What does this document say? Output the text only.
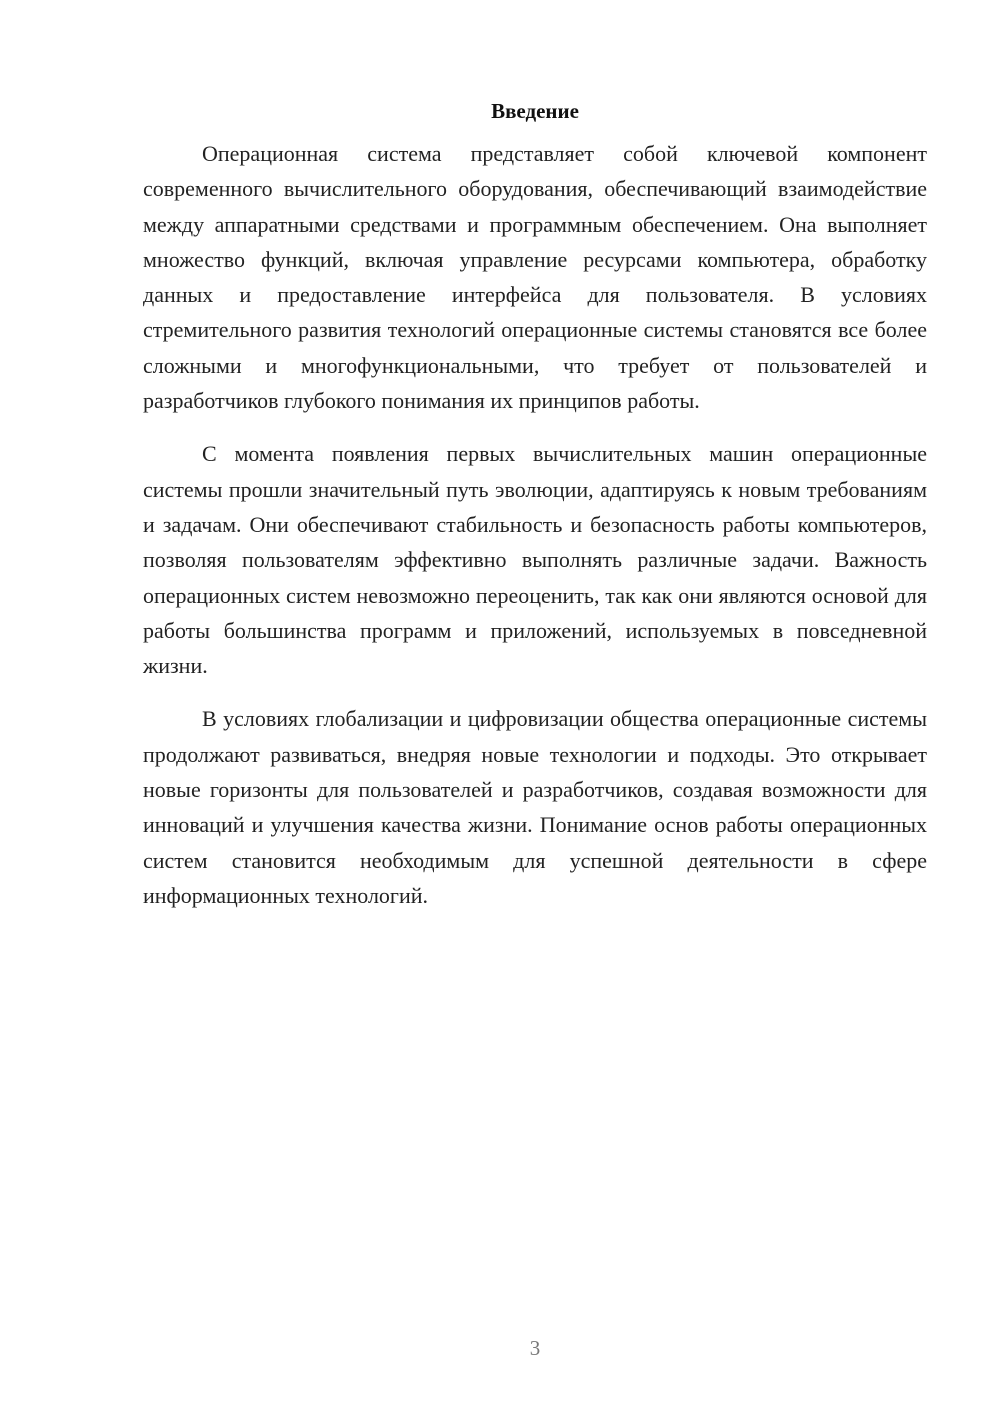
Введение

Операционная система представляет собой ключевой компонент современного вычислительного оборудования, обеспечивающий взаимодействие между аппаратными средствами и программным обеспечением. Она выполняет множество функций, включая управление ресурсами компьютера, обработку данных и предоставление интерфейса для пользователя. В условиях стремительного развития технологий операционные системы становятся все более сложными и многофункциональными, что требует от пользователей и разработчиков глубокого понимания их принципов работы.

С момента появления первых вычислительных машин операционные системы прошли значительный путь эволюции, адаптируясь к новым требованиям и задачам. Они обеспечивают стабильность и безопасность работы компьютеров, позволяя пользователям эффективно выполнять различные задачи. Важность операционных систем невозможно переоценить, так как они являются основой для работы большинства программ и приложений, используемых в повседневной жизни.

В условиях глобализации и цифровизации общества операционные системы продолжают развиваться, внедряя новые технологии и подходы. Это открывает новые горизонты для пользователей и разработчиков, создавая возможности для инноваций и улучшения качества жизни. Понимание основ работы операционных систем становится необходимым для успешной деятельности в сфере информационных технологий.

3
